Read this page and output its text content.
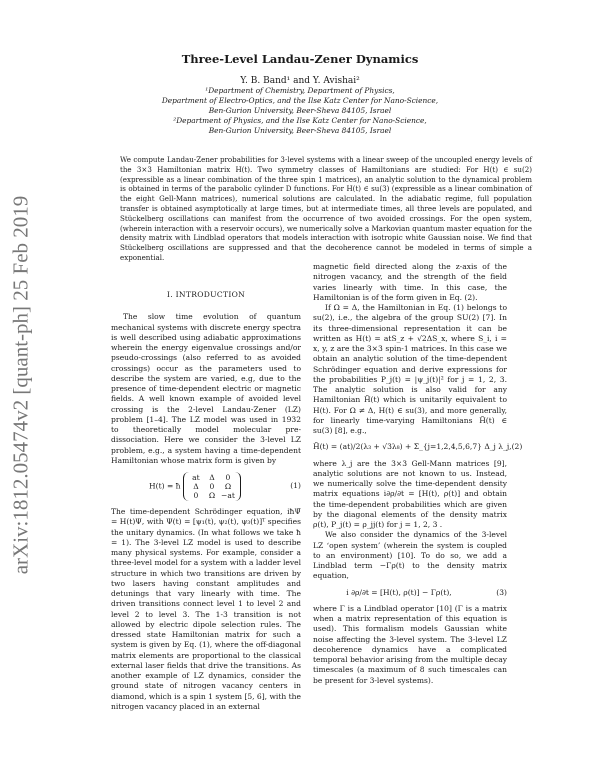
arXiv:1812.05474v2 [quant-ph] 25 Feb 2019
Three-Level Landau-Zener Dynamics
Y. B. Band¹ and Y. Avishai²
¹Department of Chemistry, Department of Physics,
Department of Electro-Optics, and the Ilse Katz Center for Nano-Science,
Ben-Gurion University, Beer-Sheva 84105, Israel
²Department of Physics, and the Ilse Katz Center for Nano-Science,
Ben-Gurion University, Beer-Sheva 84105, Israel
We compute Landau-Zener probabilities for 3-level systems with a linear sweep of the uncoupled energy levels of the 3×3 Hamiltonian matrix H(t). Two symmetry classes of Hamiltonians are studied: For H(t) ∈ su(2) (expressible as a linear combination of the three spin 1 matrices), an analytic solution to the dynamical problem is obtained in terms of the parabolic cylinder D functions. For H(t) ∈ su(3) (expressible as a linear combination of the eight Gell-Mann matrices), numerical solutions are calculated. In the adiabatic regime, full population transfer is obtained asymptotically at large times, but at intermediate times, all three levels are populated, and Stückelberg oscillations can manifest from the occurrence of two avoided crossings. For the open system, (wherein interaction with a reservoir occurs), we numerically solve a Markovian quantum master equation for the density matrix with Lindblad operators that models interaction with isotropic white Gaussian noise. We find that Stückelberg oscillations are suppressed and that the decoherence cannot be modeled in terms of simple a exponential.
I. INTRODUCTION

The slow time evolution of quantum mechanical systems with discrete energy spectra is well described using adiabatic approximations wherein the energy eigenvalue crossings and/or pseudo-crossings (also referred to as avoided crossings) occur as the parameters used to describe the system are varied, e.g, due to the presence of time-dependent electric or magnetic fields. A well known example of avoided level crossing is the 2-level Landau-Zener (LZ) problem [1–4]. The LZ model was used in 1932 to theoretically model molecular pre-dissociation. Here we consider the 3-level LZ problem, e.g., a system having a time-dependent Hamiltonian whose matrix form is given by

H(t) = ħ
at Δ 0
Δ 0 Ω
0 Ω −at
(1)

The time-dependent Schrödinger equation, iħΨ̇ = H(t)Ψ, with Ψ(t) = [ψ₁(t), ψ₂(t), ψ₃(t)]ᵀ specifies the unitary dynamics. (In what follows we take ħ = 1). The 3-level LZ model is used to describe many physical systems. For example, consider a three-level model for a system with a ladder level structure in which two transitions are driven by two lasers having constant amplitudes and detunings that vary linearly with time. The driven transitions connect level 1 to level 2 and level 2 to level 3. The 1-3 transition is not allowed by electric dipole selection rules. The dressed state Hamiltonian matrix for such a system is given by Eq. (1), where the off-diagonal matrix elements are proportional to the classical external laser fields that drive the transitions. As another example of LZ dynamics, consider the ground state of nitrogen vacancy centers in diamond, which is a spin 1 system [5, 6], with the nitrogen vacancy placed in an external

magnetic field directed along the z-axis of the nitrogen vacancy, and the strength of the field varies linearly with time. In this case, the Hamiltonian is of the form given in Eq. (2).

If Ω = Δ, the Hamiltonian in Eq. (1) belongs to su(2), i.e., the algebra of the group SU(2) [7]. In its three-dimensional representation it can be written as H(t) = atS_z + √2ΔS_x, where S_i, i = x, y, z are the 3×3 spin-1 matrices. In this case we obtain an analytic solution of the time-dependent Schrödinger equation and derive expressions for the probabilities P_j(t) = |ψ_j(t)|² for j = 1, 2, 3. The analytic solution is also valid for any Hamiltonian H̃(t) which is unitarily equivalent to H(t). For Ω ≠ Δ, H(t) ∈ su(3), and more generally, for linearly time-varying Hamiltonians H̃(t) ∈ su(3) [8], e.g.,

H̃(t) = (at)/2(λ₃ + √3λ₈) + Σ_{j=1,2,4,5,6,7} Δ_j λ_j, (2)

where λ_j are the 3×3 Gell-Mann matrices [9], analytic solutions are not known to us. Instead, we numerically solve the time-dependent density matrix equations i∂ρ/∂t = [H(t), ρ(t)] and obtain the time-dependent probabilities which are given by the diagonal elements of the density matrix ρ(t), P_j(t) = ρ_jj(t) for j = 1, 2, 3 .

We also consider the dynamics of the 3-level LZ ‘open system’ (wherein the system is coupled to an environment) [10]. To do so, we add a Lindblad term −Γρ(t) to the density matrix equation,

i ∂ρ/∂t = [H(t), ρ(t)] − Γρ(t),	(3)

where Γ is a Lindblad operator [10] (Γ is a matrix when a matrix representation of this equation is used). This formalism models Gaussian white noise affecting the 3-level system. The 3-level LZ decoherence dynamics have a complicated temporal behavior arising from the multiple decay timescales (a maximum of 8 such timescales can be present for 3-level systems).
